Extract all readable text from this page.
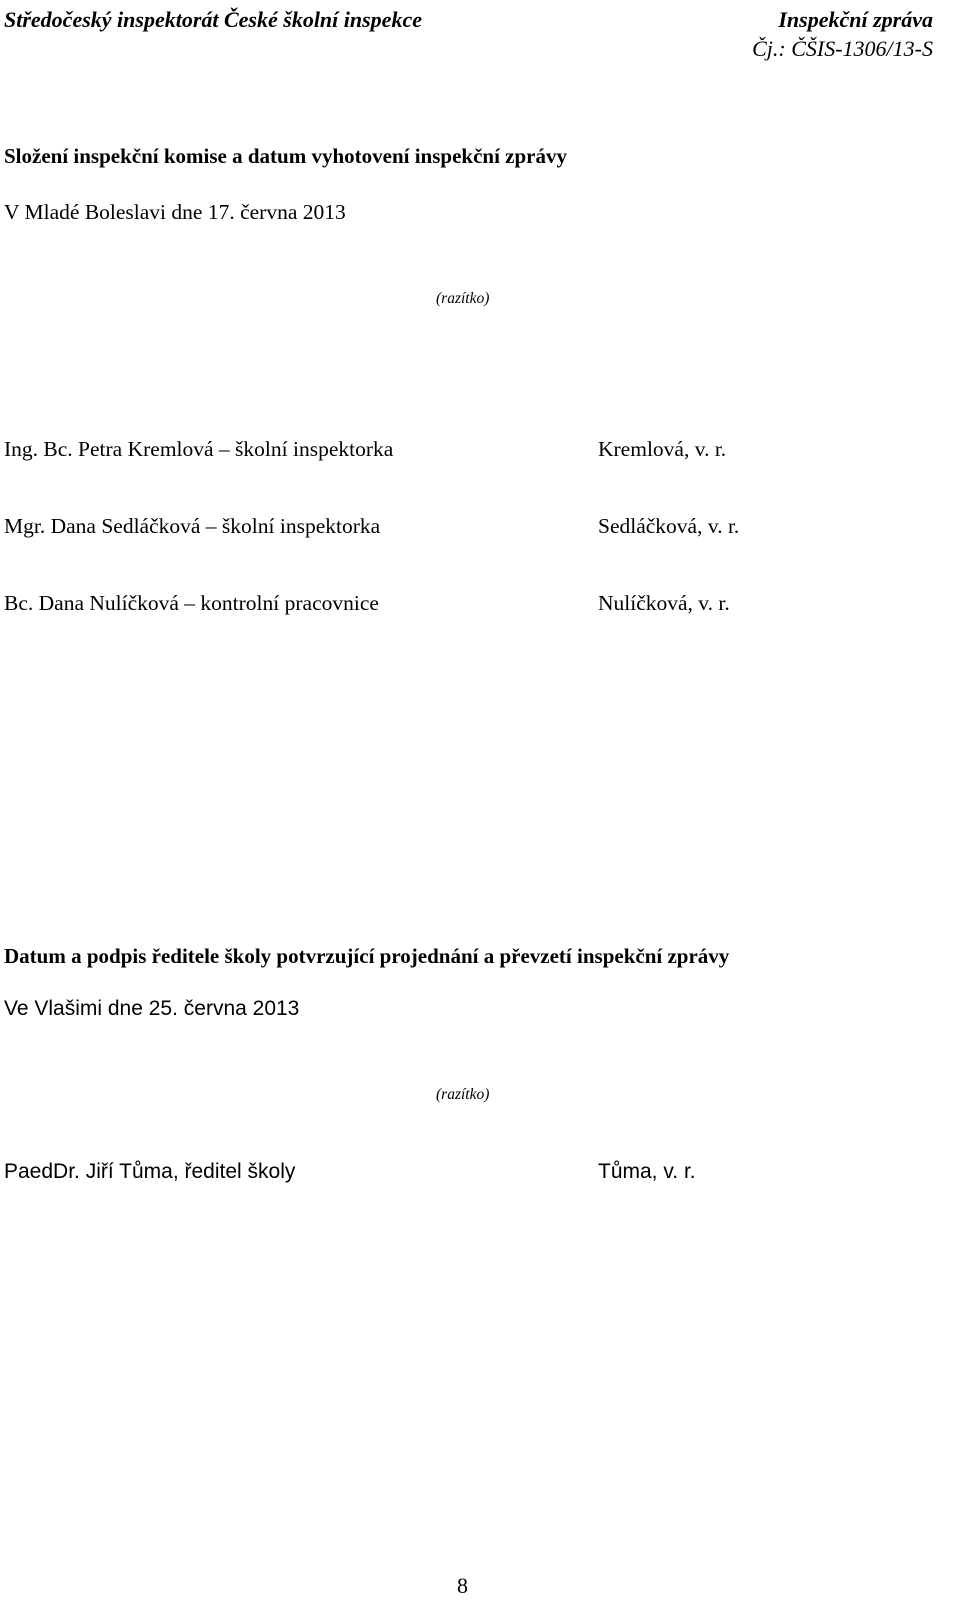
Středočeský inspektorát České školní inspekce	Inspekční zpráva
Čj.: ČŠIS-1306/13-S
Složení inspekční komise a datum vyhotovení inspekční zprávy
V Mladé Boleslavi dne 17. června 2013
(razítko)
Ing. Bc. Petra Kremlová – školní inspektorka	Kremlová, v. r.
Mgr. Dana Sedláčková – školní inspektorka	Sedláčková, v. r.
Bc. Dana Nulíčková – kontrolní pracovnice	Nulíčková, v. r.
Datum a podpis ředitele školy potvrzující projednání a převzetí inspekční zprávy
Ve Vlašimi dne 25. června 2013
(razítko)
PaedDr. Jiří Tůma, ředitel školy	Tůma, v. r.
8
